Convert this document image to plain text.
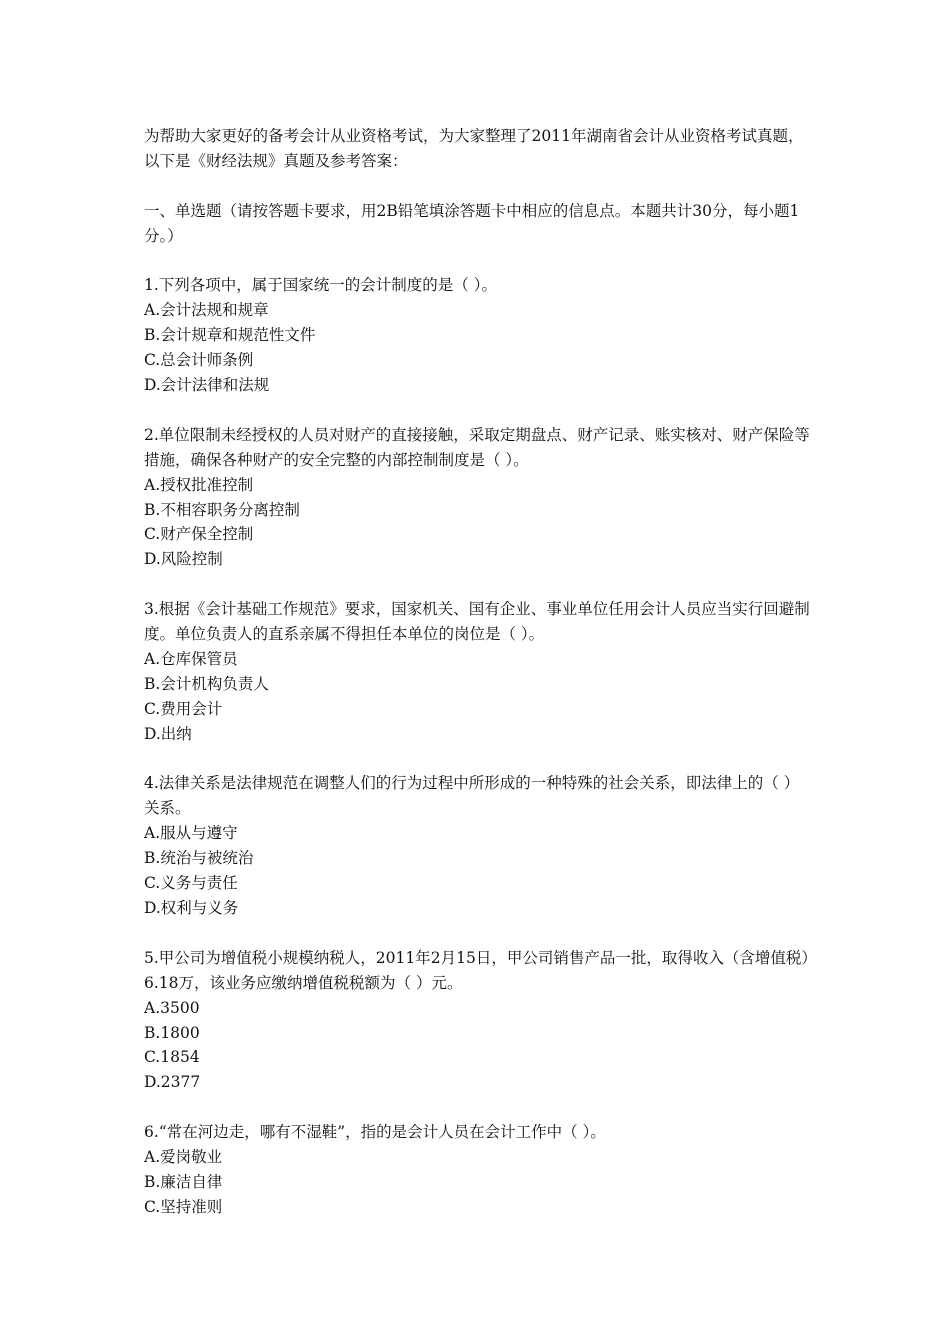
为帮助大家更好的备考会计从业资格考试，为大家整理了2011年湖南省会计从业资格考试真题，以下是《财经法规》真题及参考答案：

一、单选题（请按答题卡要求，用2B铅笔填涂答题卡中相应的信息点。本题共计30分，每小题1分。）

1.下列各项中，属于国家统一的会计制度的是（ ）。

A.会计法规和规章

B.会计规章和规范性文件

C.总会计师条例

D.会计法律和法规

2.单位限制未经授权的人员对财产的直接接触，采取定期盘点、财产记录、账实核对、财产保险等措施，确保各种财产的安全完整的内部控制制度是（ ）。

A.授权批准控制

B.不相容职务分离控制

C.财产保全控制

D.风险控制

3.根据《会计基础工作规范》要求，国家机关、国有企业、事业单位任用会计人员应当实行回避制度。单位负责人的直系亲属不得担任本单位的岗位是（ ）。

A.仓库保管员

B.会计机构负责人

C.费用会计

D.出纳

4.法律关系是法律规范在调整人们的行为过程中所形成的一种特殊的社会关系，即法律上的（ ）关系。

A.服从与遵守

B.统治与被统治

C.义务与责任

D.权利与义务

5.甲公司为增值税小规模纳税人，2011年2月15日，甲公司销售产品一批，取得收入（含增值税）6.18万，该业务应缴纳增值税税额为（ ）元。

A.3500

B.1800

C.1854

D.2377

6.“常在河边走，哪有不湿鞋”，指的是会计人员在会计工作中（ ）。

A.爱岗敬业

B.廉洁自律

C.坚持准则
